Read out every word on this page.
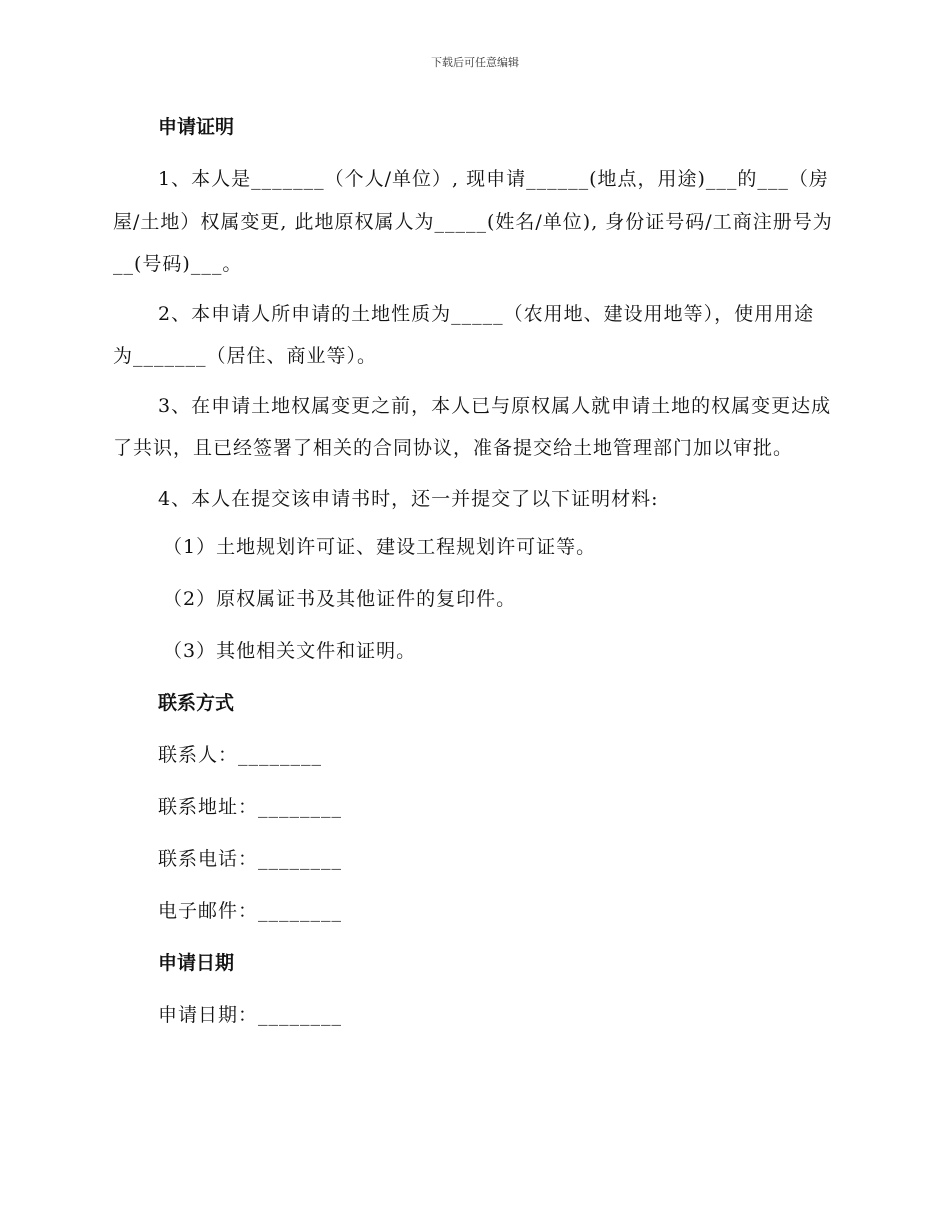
下载后可任意编辑
申请证明

1、本人是_______（个人/单位）, 现申请______(地点，用途)___的___（房屋/土地）权属变更, 此地原权属人为_____(姓名/单位), 身份证号码/工商注册号为__(号码)___。

2、本申请人所申请的土地性质为_____（农用地、建设用地等），使用用途为_______（居住、商业等）。

3、在申请土地权属变更之前，本人已与原权属人就申请土地的权属变更达成了共识，且已经签署了相关的合同协议，准备提交给土地管理部门加以审批。

4、本人在提交该申请书时，还一并提交了以下证明材料:

（1）土地规划许可证、建设工程规划许可证等。
（2）原权属证书及其他证件的复印件。
（3）其他相关文件和证明。
联系方式
联系人：________
联系地址：________
联系电话：________
电子邮件：________
申请日期
申请日期：________
